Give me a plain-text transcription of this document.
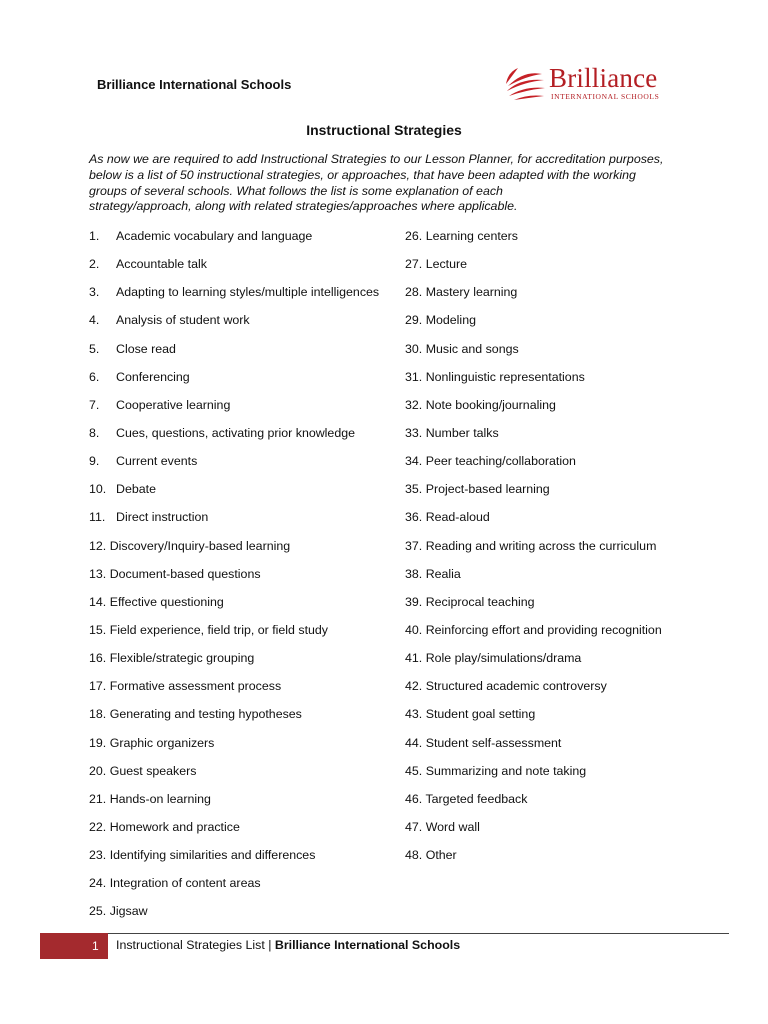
Brilliance International Schools	Brilliance
INTERNATIONAL SCHOOLS
Instructional Strategies
As now we are required to add Instructional Strategies to our Lesson Planner, for accreditation purposes,
below is a list of 50 instructional strategies, or approaches, that have been adapted with the working
groups of several schools. What follows the list is some explanation of each
strategy/approach, along with related strategies/approaches where applicable.
1. Academic vocabulary and language
2. Accountable talk
3. Adapting to learning styles/multiple intelligences
4. Analysis of student work
5. Close read
6. Conferencing
7. Cooperative learning
8. Cues, questions, activating prior knowledge
9. Current events
10. Debate
11. Direct instruction
12. Discovery/Inquiry-based learning
13. Document-based questions
14. Effective questioning
15. Field experience, field trip, or field study
16. Flexible/strategic grouping
17. Formative assessment process
18. Generating and testing hypotheses
19. Graphic organizers
20. Guest speakers
21. Hands-on learning
22. Homework and practice
23. Identifying similarities and differences
24. Integration of content areas
25. Jigsaw
26. Learning centers
27. Lecture
28. Mastery learning
29. Modeling
30. Music and songs
31. Nonlinguistic representations
32. Note booking/journaling
33. Number talks
34. Peer teaching/collaboration
35. Project-based learning
36. Read-aloud
37. Reading and writing across the curriculum
38. Realia
39. Reciprocal teaching
40. Reinforcing effort and providing recognition
41. Role play/simulations/drama
42. Structured academic controversy
43. Student goal setting
44. Student self-assessment
45. Summarizing and note taking
46. Targeted feedback
47. Word wall
48. Other
1 Instructional Strategies List | Brilliance International Schools
